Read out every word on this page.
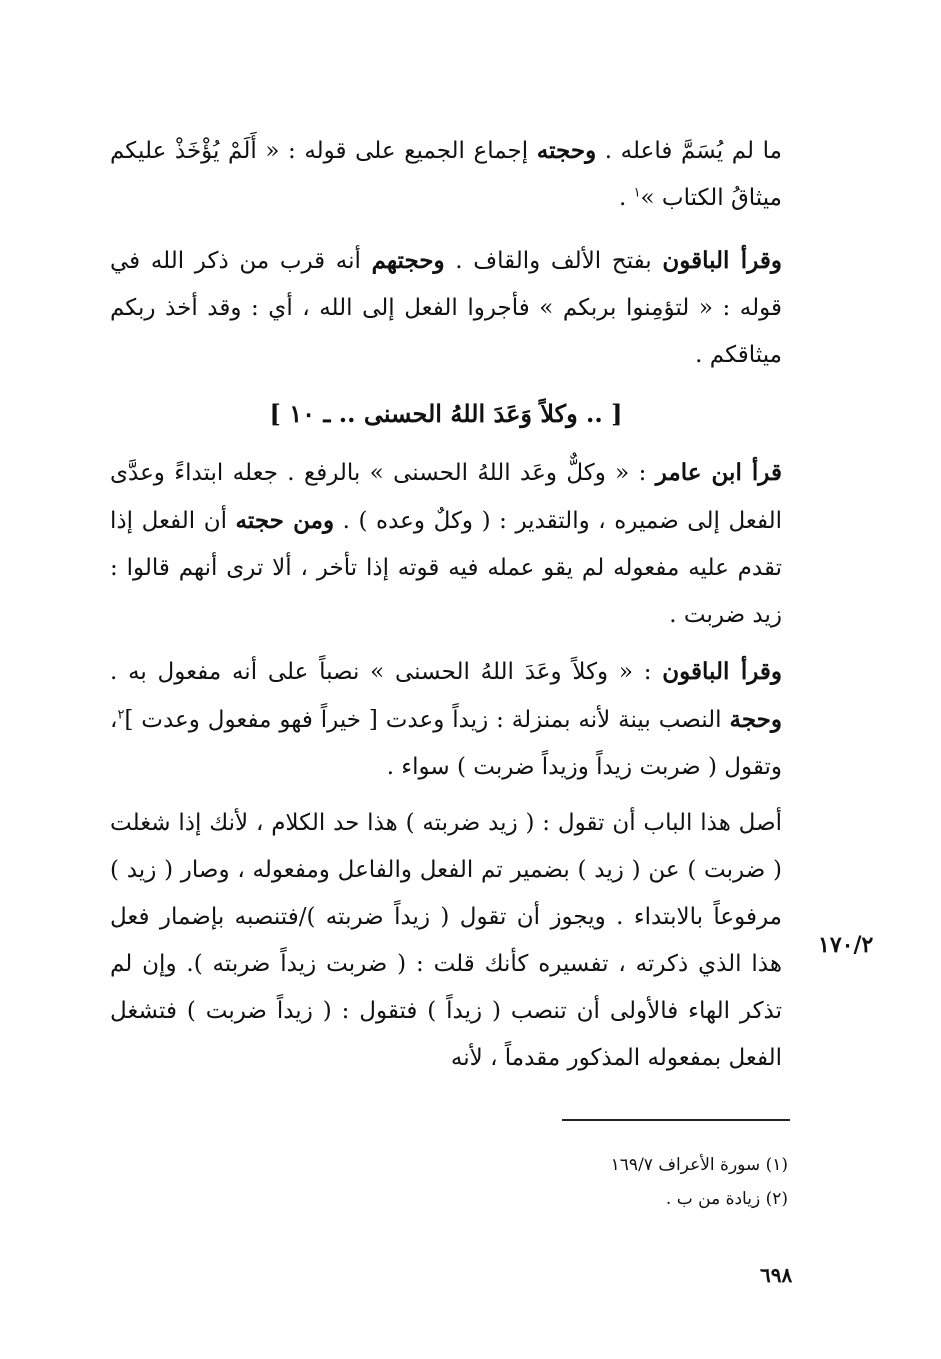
ما لم يُسَمَّ فاعله . وحجته إجماع الجميع على قوله : « أَلَمْ يُؤْخَذْ عليكم ميثاقُ الكتاب »$^١$ .

وقرأ الباقون بفتح الألف والقاف . وحجتهم أنه قرب من ذكر الله في قوله : « لتؤمِنوا بربكم » فأجروا الفعل إلى الله ، أي : وقد أخذ ربكم ميثاقكم .

[ .. وكلاً وَعَدَ اللهُ الحسنى .. ـ ١٠ ]

قرأ ابن عامر : « وكلٌّ وعَد اللهُ الحسنى » بالرفع . جعله ابتداءً وعدَّى الفعل إلى ضميره ، والتقدير : ( وكلٌ وعده ) . ومن حجته أن الفعل إذا تقدم عليه مفعوله لم يقو عمله فيه قوته إذا تأخر ، ألا ترى أنهم قالوا : زيد ضربت .

وقرأ الباقون : « وكلاً وعَدَ اللهُ الحسنى » نصباً على أنه مفعول به . وحجة النصب بينة لأنه بمنزلة : زيداً وعدت [ خيراً فهو مفعول وعدت ]$^٢$، وتقول ( ضربت زيداً وزيداً ضربت ) سواء .

أصل هذا الباب أن تقول : ( زيد ضربته ) هذا حد الكلام ، لأنك إذا شغلت ( ضربت ) عن ( زيد ) بضمير تم الفعل والفاعل ومفعوله ، وصار ( زيد ) مرفوعاً بالابتداء . ويجوز أن تقول ( زيداً ضربته )/فتنصبه بإضمار فعل هذا الذي ذكرته ، تفسيره كأنك قلت : ( ضربت زيداً ضربته ). وإن لم تذكر الهاء فالأولى أن تنصب ( زيداً ) فتقول : ( زيداً ضربت ) فتشغل الفعل بمفعوله المذكور مقدماً ، لأنه

١٧٠/٢

(١) سورة الأعراف ١٦٩/٧

(٢) زيادة من ب .

٦٩٨
